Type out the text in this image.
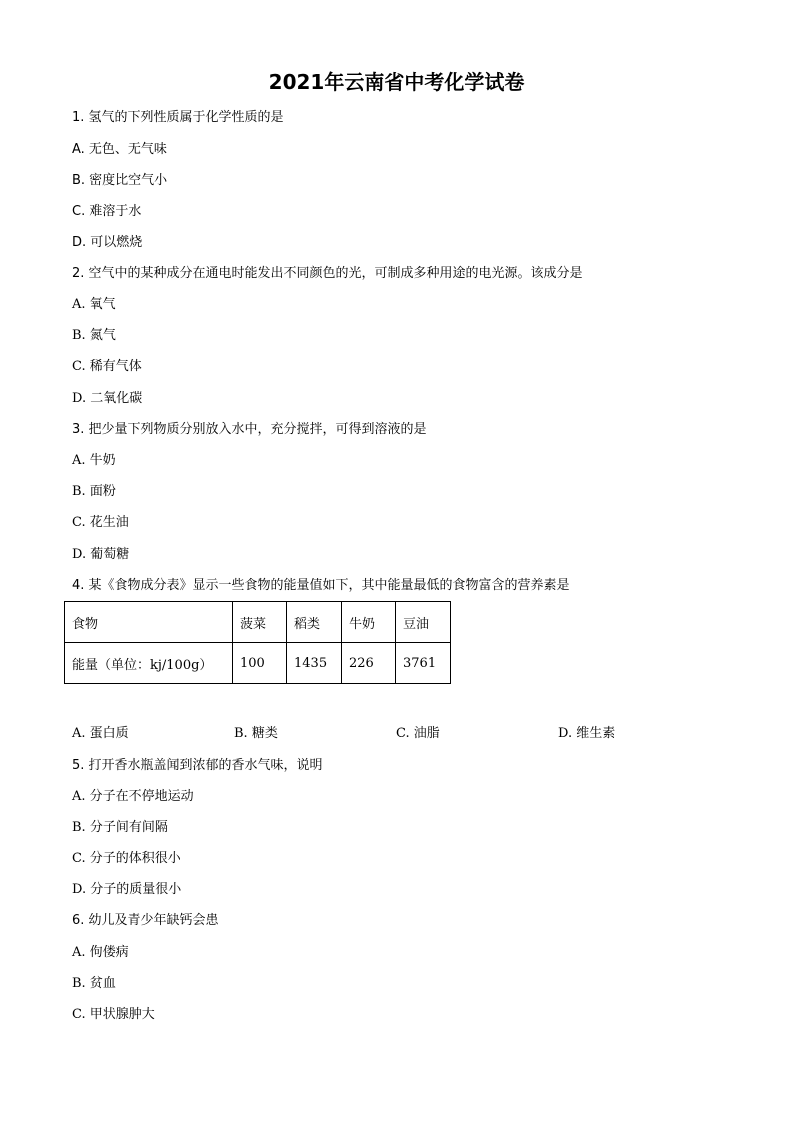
2021年云南省中考化学试卷
1. 氢气的下列性质属于化学性质的是
A. 无色、无气味
B. 密度比空气小
C. 难溶于水
D. 可以燃烧
2. 空气中的某种成分在通电时能发出不同颜色的光，可制成多种用途的电光源。该成分是
A. 氧气
B. 氮气
C. 稀有气体
D. 二氧化碳
3. 把少量下列物质分别放入水中，充分搅拌，可得到溶液的是
A. 牛奶
B. 面粉
C. 花生油
D. 葡萄糖
4. 某《食物成分表》显示一些食物的能量值如下，其中能量最低的食物富含的营养素是
食物	菠菜	稻类	牛奶	豆油
能量（单位：kj/100g）	100	1435	226	3761
A. 蛋白质	B. 糖类	C. 油脂	D. 维生素
5. 打开香水瓶盖闻到浓郁的香水气味，说明
A. 分子在不停地运动
B. 分子间有间隔
C. 分子的体积很小
D. 分子的质量很小
6. 幼儿及青少年缺钙会患
A. 佝偻病
B. 贫血
C. 甲状腺肿大
